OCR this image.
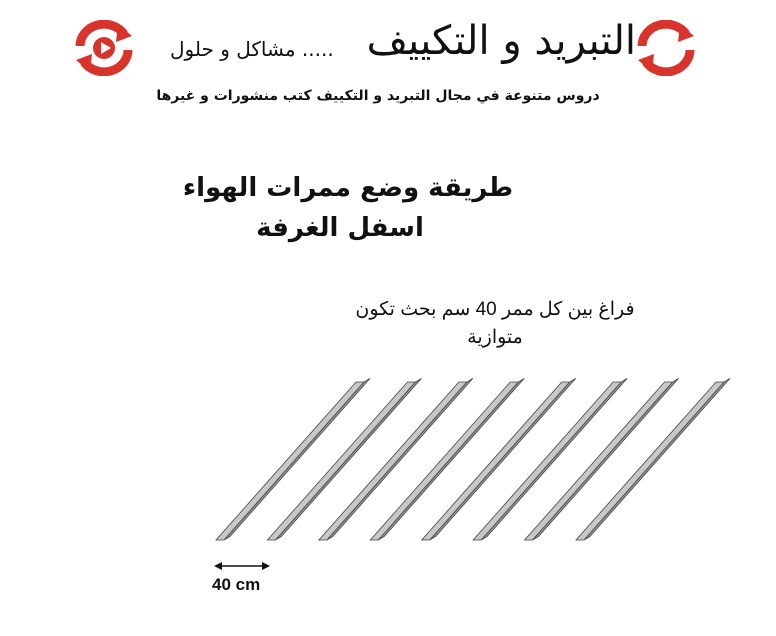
التبريد و التكييف
..... مشاكل و حلول
دروس متنوعة في مجال التبريد و التكييف كتب منشورات و غيرها
طريقة وضع ممرات الهواء
اسفل الغرفة
فراغ بين كل ممر 40 سم بحث تكون
متوازية
40 cm
